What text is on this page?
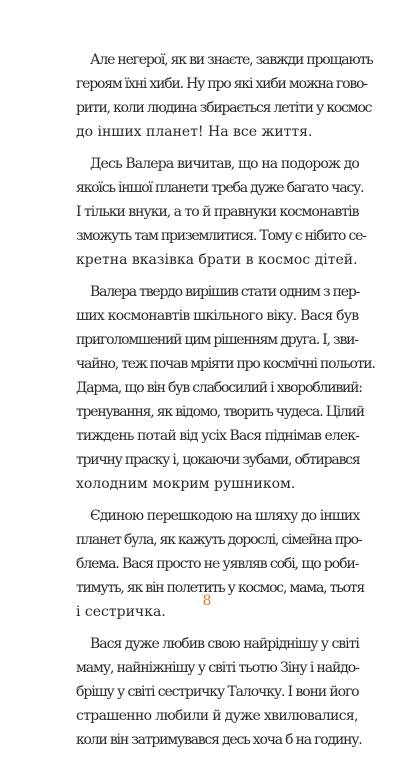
Але негерої, як ви знаєте, завжди прощають
героям їхні хиби. Ну про які хиби можна гово-
рити, коли людина збирається летіти у космос
до інших планет! На все життя.

Десь Валера вичитав, що на подорож до
якоїсь іншої планети треба дуже багато часу.
І тільки внуки, а то й правнуки космонавтів
зможуть там приземлитися. Тому є нібито се-
кретна вказівка брати в космос дітей.

Валера твердо вирішив стати одним з пер-
ших космонавтів шкільного віку. Вася був
приголомшений цим рішенням друга. І, зви-
чайно, теж почав мріяти про космічні польоти.
Дарма, що він був слабосилий і хворобливий:
тренування, як відомо, творить чудеса. Цілий
тиждень потай від усіх Вася піднімав елек-
тричну праску і, цокаючи зубами, обтирався
холодним мокрим рушником.

Єдиною перешкодою на шляху до інших
планет була, як кажуть дорослі, сімейна про-
блема. Вася просто не уявляв собі, що роби-
тимуть, як він полетить у космос, мама, тьотя
і сестричка.

Вася дуже любив свою найріднішу у світі
маму, найніжнішу у світі тьотю Зіну і найдо-
брішу у світі сестричку Талочку. І вони його
страшенно любили й дуже хвилювалися,
коли він затримувався десь хоча б на годину.

8
